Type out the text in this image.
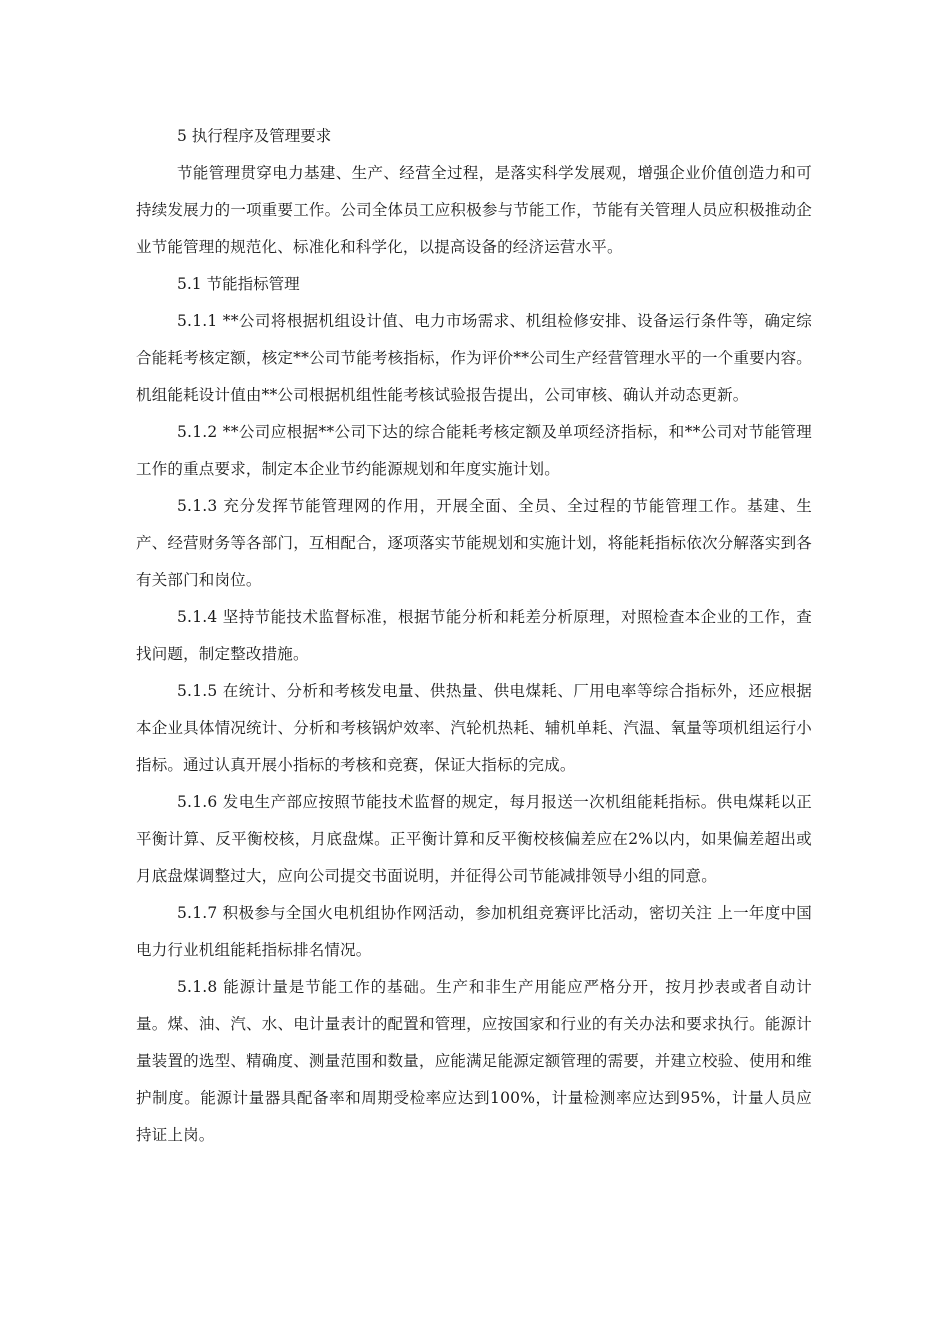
5 执行程序及管理要求

节能管理贯穿电力基建、生产、经营全过程，是落实科学发展观，增强企业价值创造力和可持续发展力的一项重要工作。公司全体员工应积极参与节能工作，节能有关管理人员应积极推动企业节能管理的规范化、标准化和科学化，以提高设备的经济运营水平。

5.1 节能指标管理

5.1.1 **公司将根据机组设计值、电力市场需求、机组检修安排、设备运行条件等，确定综合能耗考核定额，核定**公司节能考核指标，作为评价**公司生产经营管理水平的一个重要内容。机组能耗设计值由**公司根据机组性能考核试验报告提出，公司审核、确认并动态更新。

5.1.2 **公司应根据**公司下达的综合能耗考核定额及单项经济指标，和**公司对节能管理工作的重点要求，制定本企业节约能源规划和年度实施计划。

5.1.3 充分发挥节能管理网的作用，开展全面、全员、全过程的节能管理工作。基建、生产、经营财务等各部门，互相配合，逐项落实节能规划和实施计划，将能耗指标依次分解落实到各有关部门和岗位。

5.1.4 坚持节能技术监督标准，根据节能分析和耗差分析原理，对照检查本企业的工作，查找问题，制定整改措施。

5.1.5 在统计、分析和考核发电量、供热量、供电煤耗、厂用电率等综合指标外，还应根据本企业具体情况统计、分析和考核锅炉效率、汽轮机热耗、辅机单耗、汽温、氧量等项机组运行小指标。通过认真开展小指标的考核和竞赛，保证大指标的完成。

5.1.6 发电生产部应按照节能技术监督的规定，每月报送一次机组能耗指标。供电煤耗以正平衡计算、反平衡校核，月底盘煤。正平衡计算和反平衡校核偏差应在2%以内，如果偏差超出或月底盘煤调整过大，应向公司提交书面说明，并征得公司节能减排领导小组的同意。

5.1.7 积极参与全国火电机组协作网活动，参加机组竞赛评比活动，密切关注 上一年度中国电力行业机组能耗指标排名情况。

5.1.8 能源计量是节能工作的基础。生产和非生产用能应严格分开，按月抄表或者自动计量。煤、油、汽、水、电计量表计的配置和管理，应按国家和行业的有关办法和要求执行。能源计量装置的选型、精确度、测量范围和数量，应能满足能源定额管理的需要，并建立校验、使用和维护制度。能源计量器具配备率和周期受检率应达到100%，计量检测率应达到95%，计量人员应持证上岗。
